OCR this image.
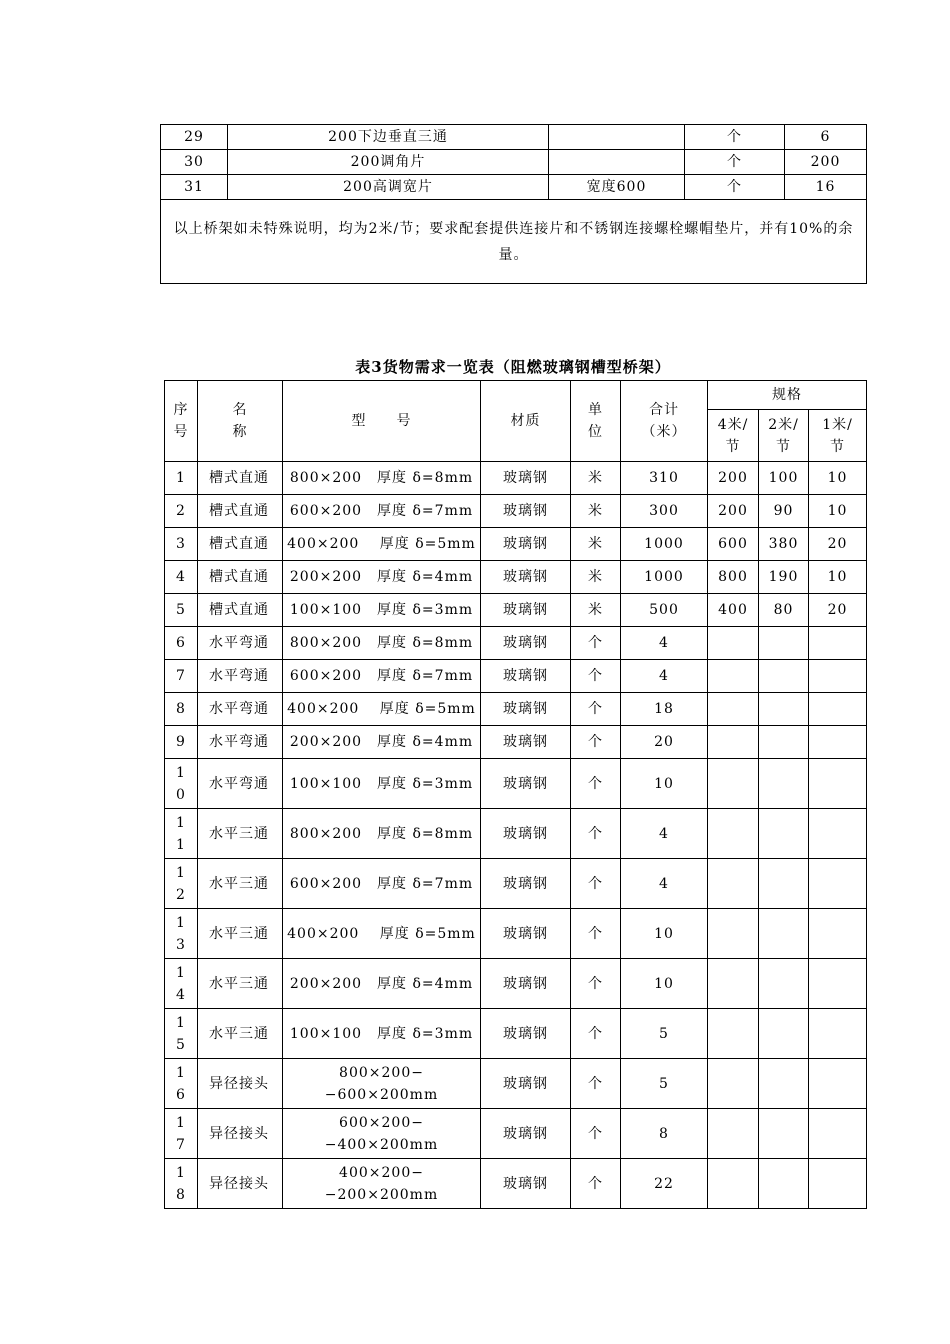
29	200下边垂直三通		个	6
30	200调角片		个	200
31	200高调宽片	宽度600	个	16
以上桥架如未特殊说明，均为2米/节；要求配套提供连接片和不锈钢连接螺栓螺帽垫片，并有10%的余量。				
表3货物需求一览表（阻燃玻璃钢槽型桥架）
序号	名称	型　　号	材质	单位	合计（米）	规格		

						4米/节	2米/节	1米/节

1	槽式直通	800×200　厚度 δ=8mm	玻璃钢	米	310	200	100	10

2	槽式直通	600×200　厚度 δ=7mm	玻璃钢	米	300	200	90	10

3	槽式直通	400×200　 厚度 δ=5mm	玻璃钢	米	1000	600	380	20

4	槽式直通	200×200　厚度 δ=4mm	玻璃钢	米	1000	800	190	10

5	槽式直通	100×100　厚度 δ=3mm	玻璃钢	米	500	400	80	20

6	水平弯通	800×200　厚度 δ=8mm	玻璃钢	个	4			

7	水平弯通	600×200　厚度 δ=7mm	玻璃钢	个	4			

8	水平弯通	400×200　 厚度 δ=5mm	玻璃钢	个	18			

9	水平弯通	200×200　厚度 δ=4mm	玻璃钢	个	20			

1
0	水平弯通	100×100　厚度 δ=3mm	玻璃钢	个	10			

1
1	水平三通	800×200　厚度 δ=8mm	玻璃钢	个	4			

1
2	水平三通	600×200　厚度 δ=7mm	玻璃钢	个	4			

1
3	水平三通	400×200　 厚度 δ=5mm	玻璃钢	个	10			

1
4	水平三通	200×200　厚度 δ=4mm	玻璃钢	个	10			

1
5	水平三通	100×100　厚度 δ=3mm	玻璃钢	个	5			

1
6	异径接头	800×200−−600×200mm	玻璃钢	个	5			

1
7	异径接头	600×200−−400×200mm	玻璃钢	个	8			

1
8	异径接头	400×200−−200×200mm	玻璃钢	个	22			
